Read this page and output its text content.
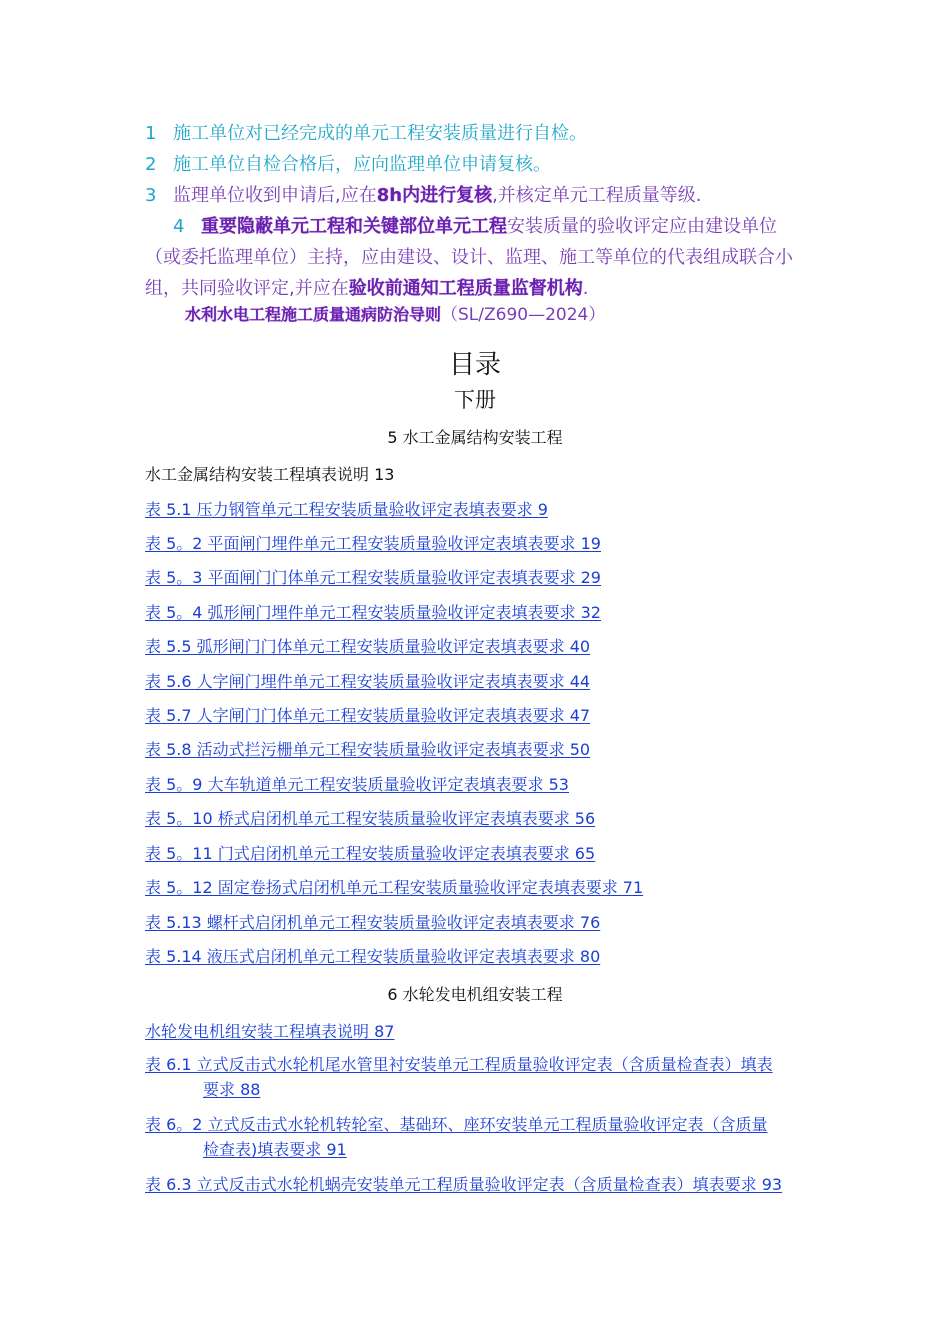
1 施工单位对已经完成的单元工程安装质量进行自检。
2 施工单位自检合格后，应向监理单位申请复核。
3 监理单位收到申请后,应在8h内进行复核,并核定单元工程质量等级.
4 重要隐蔽单元工程和关键部位单元工程安装质量的验收评定应由建设单位（或委托监理单位）主持，应由建设、设计、监理、施工等单位的代表组成联合小组，共同验收评定,并应在验收前通知工程质量监督机构.
水利水电工程施工质量通病防治导则（SL/Z690—2024）
目录
下册
5 水工金属结构安装工程
水工金属结构安装工程填表说明 13
表 5.1 压力钢管单元工程安装质量验收评定表填表要求 9
表 5。2 平面闸门埋件单元工程安装质量验收评定表填表要求 19
表 5。3 平面闸门门体单元工程安装质量验收评定表填表要求 29
表 5。4 弧形闸门埋件单元工程安装质量验收评定表填表要求 32
表 5.5 弧形闸门门体单元工程安装质量验收评定表填表要求 40
表 5.6 人字闸门埋件单元工程安装质量验收评定表填表要求 44
表 5.7 人字闸门门体单元工程安装质量验收评定表填表要求 47
表 5.8 活动式拦污栅单元工程安装质量验收评定表填表要求 50
表 5。9 大车轨道单元工程安装质量验收评定表填表要求 53
表 5。10 桥式启闭机单元工程安装质量验收评定表填表要求 56
表 5。11 门式启闭机单元工程安装质量验收评定表填表要求 65
表 5。12 固定卷扬式启闭机单元工程安装质量验收评定表填表要求 71
表 5.13 螺杆式启闭机单元工程安装质量验收评定表填表要求 76
表 5.14 液压式启闭机单元工程安装质量验收评定表填表要求 80
6 水轮发电机组安装工程
水轮发电机组安装工程填表说明 87
表 6.1 立式反击式水轮机尾水管里衬安装单元工程质量验收评定表（含质量检查表）填表
要求 88
表 6。2 立式反击式水轮机转轮室、基础环、座环安装单元工程质量验收评定表（含质量
检查表)填表要求 91
表 6.3 立式反击式水轮机蜗壳安装单元工程质量验收评定表（含质量检查表）填表要求 93
